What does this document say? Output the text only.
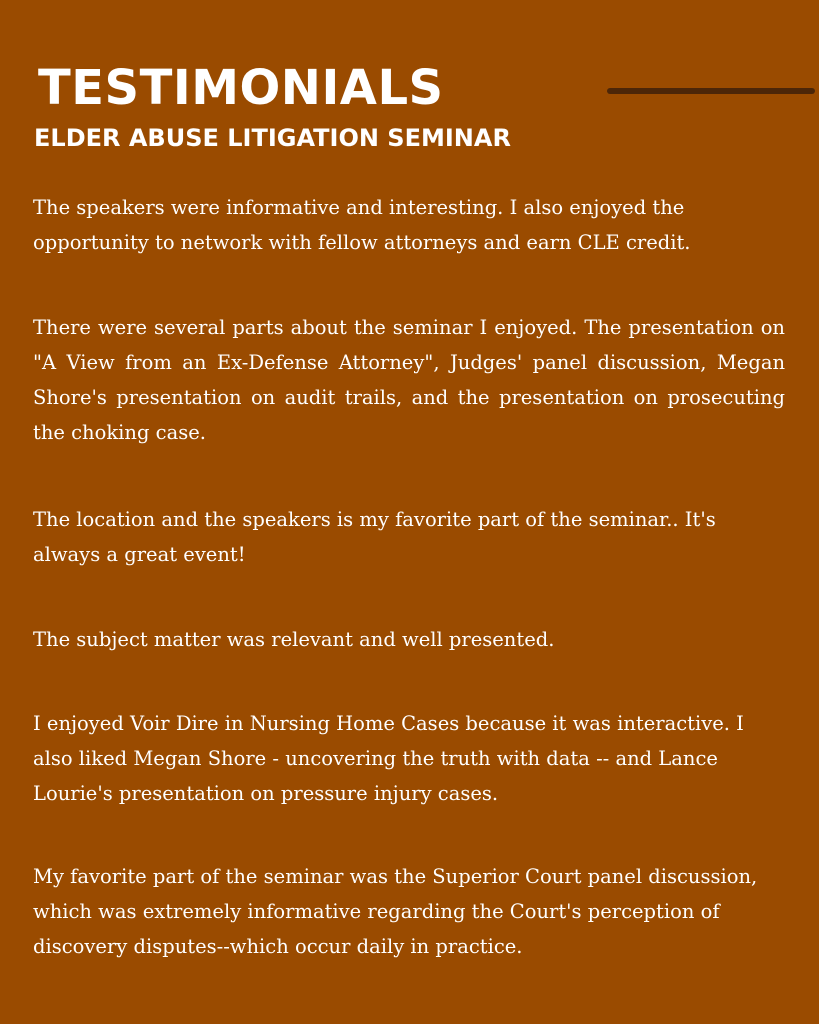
TESTIMONIALS
ELDER ABUSE LITIGATION SEMINAR

The speakers were informative and interesting. I also enjoyed the opportunity to network with fellow attorneys and earn CLE credit.

There were several parts about the seminar I enjoyed. The presentation on "A View from an Ex-Defense Attorney", Judges' panel discussion, Megan Shore's presentation on audit trails, and the presentation on prosecuting the choking case.

The location and the speakers is my favorite part of the seminar.. It's always a great event!

The subject matter was relevant and well presented.

I enjoyed Voir Dire in Nursing Home Cases because it was interactive. I also liked Megan Shore - uncovering the truth with data -- and Lance Lourie's presentation on pressure injury cases.

My favorite part of the seminar was the Superior Court panel discussion, which was extremely informative regarding the Court's perception of discovery disputes--which occur daily in practice.
